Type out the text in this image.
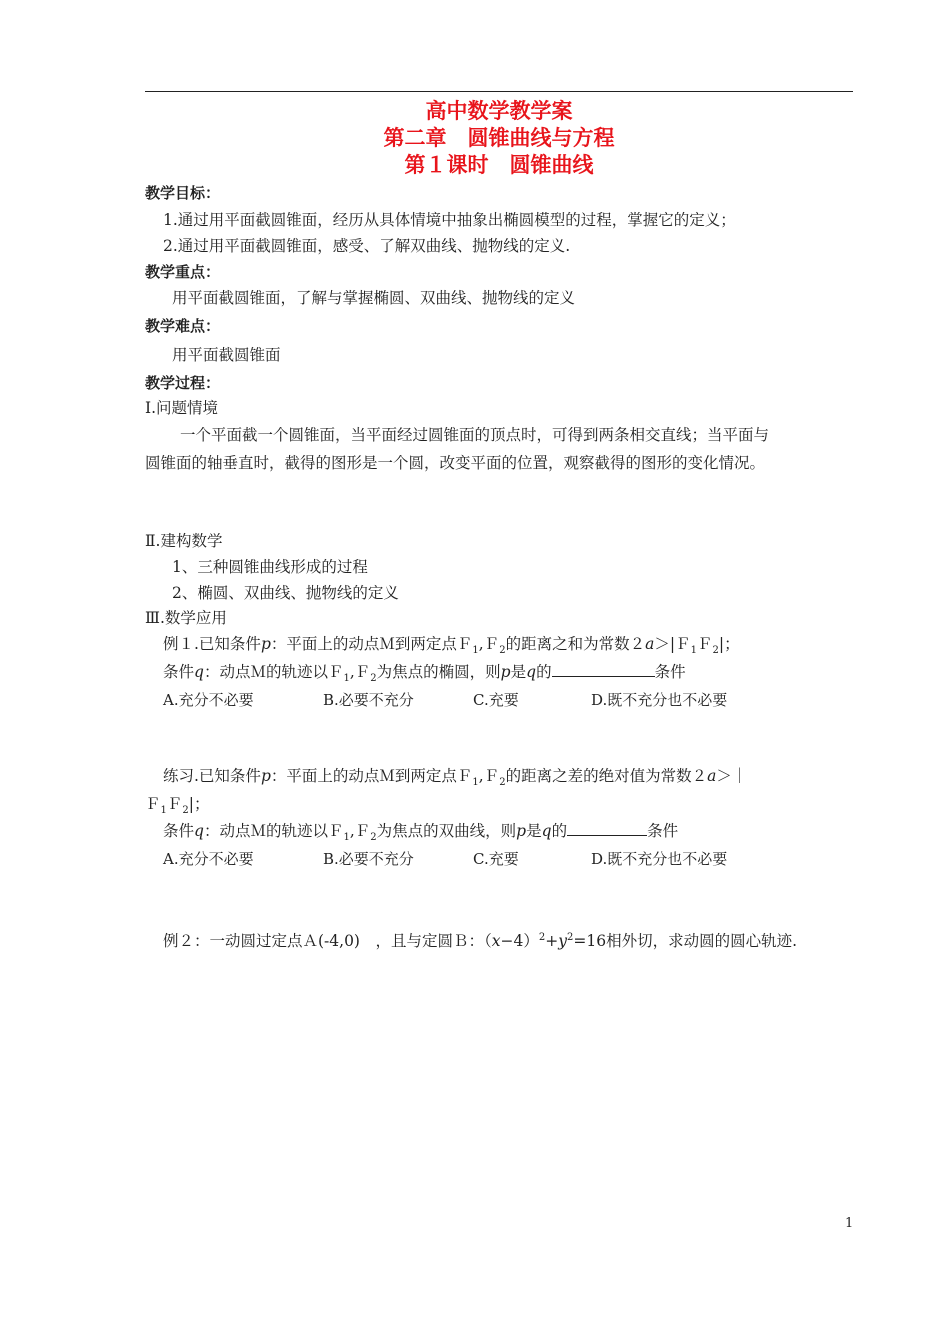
高中数学教学案
第二章　圆锥曲线与方程
第１课时　圆锥曲线
教学目标：
1.通过用平面截圆锥面，经历从具体情境中抽象出椭圆模型的过程，掌握它的定义；
2.通过用平面截圆锥面，感受、了解双曲线、抛物线的定义.
教学重点：
用平面截圆锥面，了解与掌握椭圆、双曲线、抛物线的定义
教学难点：
用平面截圆锥面
教学过程：
Ⅰ.问题情境
一个平面截一个圆锥面，当平面经过圆锥面的顶点时，可得到两条相交直线；当平面与
圆锥面的轴垂直时，截得的图形是一个圆，改变平面的位置，观察截得的图形的变化情况。
Ⅱ.建构数学
1、三种圆锥曲线形成的过程
2、椭圆、双曲线、抛物线的定义
Ⅲ.数学应用
例１.已知条件p：平面上的动点Ｍ到两定点Ｆ$_1$,Ｆ$_2$的距离之和为常数２a＞|Ｆ$_1$Ｆ$_2$|；
条件q：动点Ｍ的轨迹以Ｆ$_1$,Ｆ$_2$为焦点的椭圆，则p是q的	条件
A.充分不必要	B.必要不充分	C.充要	D.既不充分也不必要
练习.已知条件p：平面上的动点Ｍ到两定点Ｆ$_1$,Ｆ$_2$的距离之差的绝对值为常数２a＞｜
Ｆ$_1$Ｆ$_2$|；
条件q：动点Ｍ的轨迹以Ｆ$_1$,Ｆ$_2$为焦点的双曲线，则p是q的	条件
A.充分不必要	B.必要不充分	C.充要	D.既不充分也不必要
例２：一动圆过定点Ａ(-4,0)　，且与定圆Ｂ：$(x-4)^2+y^2=16$相外切，求动圆的圆心轨迹.
1
